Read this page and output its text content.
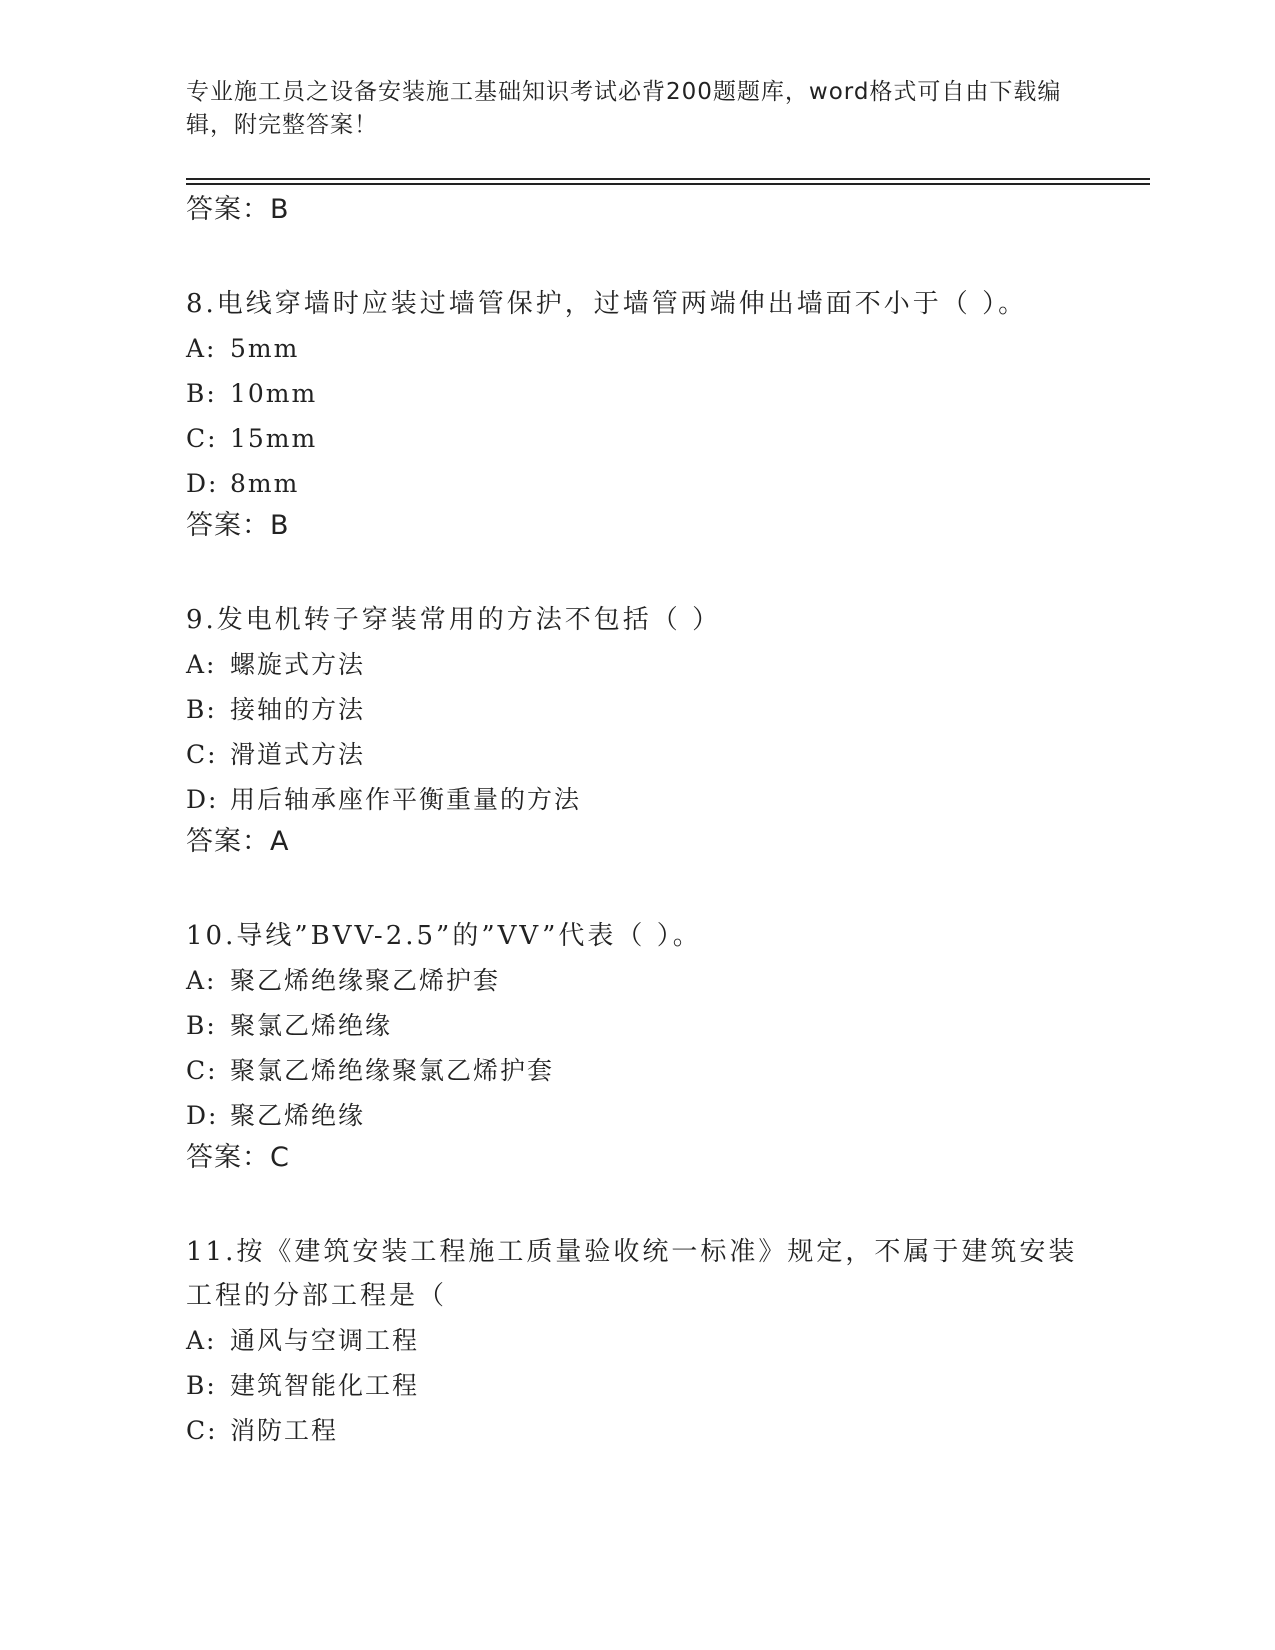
专业施工员之设备安装施工基础知识考试必背200题题库，word格式可自由下载编辑，附完整答案！
答案：B
8.电线穿墙时应装过墙管保护，过墙管两端伸出墙面不小于（ ）。
A: 5mm
B: 10mm
C: 15mm
D: 8mm
答案：B
9.发电机转子穿装常用的方法不包括（ ）
A: 螺旋式方法
B: 接轴的方法
C: 滑道式方法
D: 用后轴承座作平衡重量的方法
答案：A
10.导线”BVV-2.5”的”VV”代表（ ）。
A: 聚乙烯绝缘聚乙烯护套
B: 聚氯乙烯绝缘
C: 聚氯乙烯绝缘聚氯乙烯护套
D: 聚乙烯绝缘
答案：C
11.按《建筑安装工程施工质量验收统一标准》规定，不属于建筑安装工程的分部工程是（
A: 通风与空调工程
B: 建筑智能化工程
C: 消防工程
